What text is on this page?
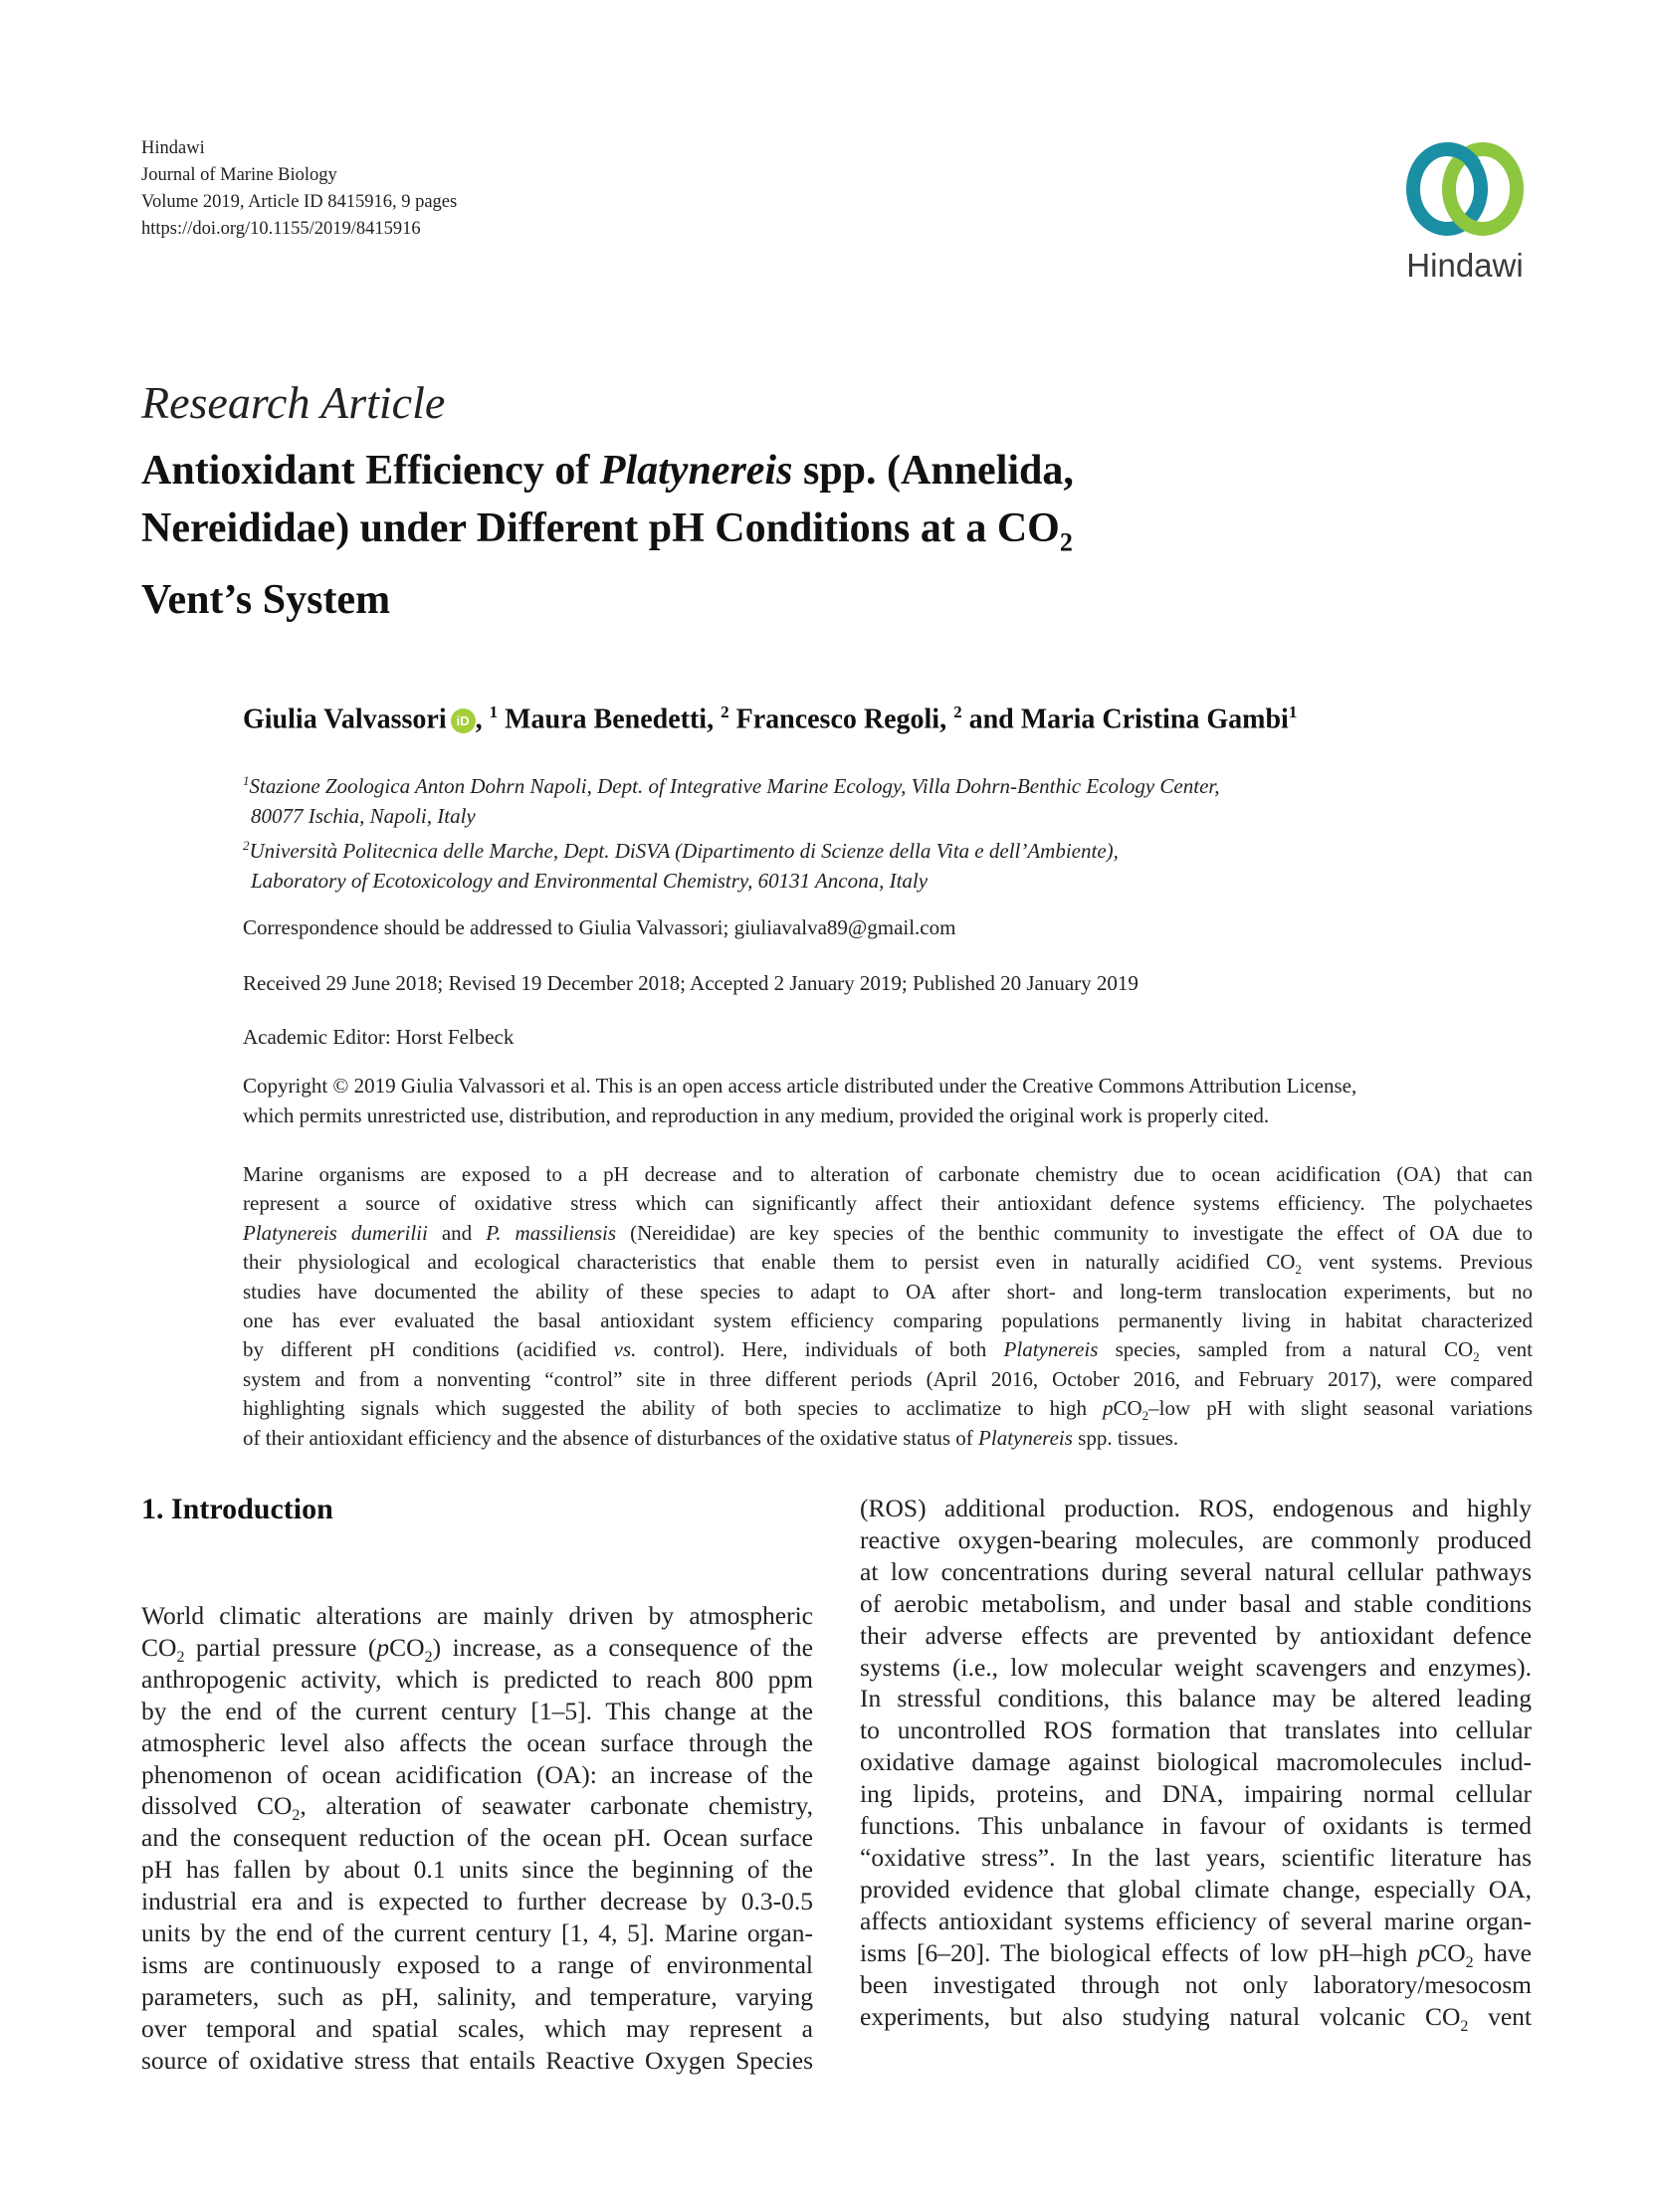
Hindawi
Journal of Marine Biology
Volume 2019, Article ID 8415916, 9 pages
https://doi.org/10.1155/2019/8415916
Hindawi
Research Article
Antioxidant Efficiency of Platynereis spp. (Annelida,
Nereididae) under Different pH Conditions at a $CO_2$
Vent’s System
Giulia Valvassori iD , $^1$ Maura Benedetti, $^2$ Francesco Regoli, $^2$ and Maria Cristina Gambi$^1$
$^1$Stazione Zoologica Anton Dohrn Napoli, Dept. of Integrative Marine Ecology, Villa Dohrn-Benthic Ecology Center,
80077 Ischia, Napoli, Italy
$^2$Università Politecnica delle Marche, Dept. DiSVA (Dipartimento di Scienze della Vita e dell’Ambiente),
Laboratory of Ecotoxicology and Environmental Chemistry, 60131 Ancona, Italy
Correspondence should be addressed to Giulia Valvassori; giuliavalva89@gmail.com
Received 29 June 2018; Revised 19 December 2018; Accepted 2 January 2019; Published 20 January 2019
Academic Editor: Horst Felbeck
Copyright © 2019 Giulia Valvassori et al. This is an open access article distributed under the Creative Commons Attribution License,
which permits unrestricted use, distribution, and reproduction in any medium, provided the original work is properly cited.
Marine organisms are exposed to a pH decrease and to alteration of carbonate chemistry due to ocean acidification (OA) that can
represent a source of oxidative stress which can significantly affect their antioxidant defence systems efficiency. The polychaetes
Platynereis dumerilii and P. massiliensis (Nereididae) are key species of the benthic community to investigate the effect of OA due to
their physiological and ecological characteristics that enable them to persist even in naturally acidified $CO_2$ vent systems. Previous
studies have documented the ability of these species to adapt to OA after short- and long-term translocation experiments, but no
one has ever evaluated the basal antioxidant system efficiency comparing populations permanently living in habitat characterized
by different pH conditions (acidified vs. control). Here, individuals of both Platynereis species, sampled from a natural $CO_2$ vent
system and from a nonventing “control” site in three different periods (April 2016, October 2016, and February 2017), were compared
highlighting signals which suggested the ability of both species to acclimatize to high pCO$_2$–low pH with slight seasonal variations
of their antioxidant efficiency and the absence of disturbances of the oxidative status of Platynereis spp. tissues.
1. Introduction
World climatic alterations are mainly driven by atmospheric
$CO_2$ partial pressure (pCO$_2$) increase, as a consequence of the
anthropogenic activity, which is predicted to reach 800 ppm
by the end of the current century [1–5]. This change at the
atmospheric level also affects the ocean surface through the
phenomenon of ocean acidification (OA): an increase of the
dissolved $CO_2$, alteration of seawater carbonate chemistry,
and the consequent reduction of the ocean pH. Ocean surface
pH has fallen by about 0.1 units since the beginning of the
industrial era and is expected to further decrease by 0.3-0.5
units by the end of the current century [1, 4, 5]. Marine organ-
isms are continuously exposed to a range of environmental
parameters, such as pH, salinity, and temperature, varying
over temporal and spatial scales, which may represent a
source of oxidative stress that entails Reactive Oxygen Species
(ROS) additional production. ROS, endogenous and highly
reactive oxygen-bearing molecules, are commonly produced
at low concentrations during several natural cellular pathways
of aerobic metabolism, and under basal and stable conditions
their adverse effects are prevented by antioxidant defence
systems (i.e., low molecular weight scavengers and enzymes).
In stressful conditions, this balance may be altered leading
to uncontrolled ROS formation that translates into cellular
oxidative damage against biological macromolecules includ-
ing lipids, proteins, and DNA, impairing normal cellular
functions. This unbalance in favour of oxidants is termed
“oxidative stress”. In the last years, scientific literature has
provided evidence that global climate change, especially OA,
affects antioxidant systems efficiency of several marine organ-
isms [6–20]. The biological effects of low pH–high pCO$_2$ have
been investigated through not only laboratory/mesocosm
experiments, but also studying natural volcanic $CO_2$ vent
